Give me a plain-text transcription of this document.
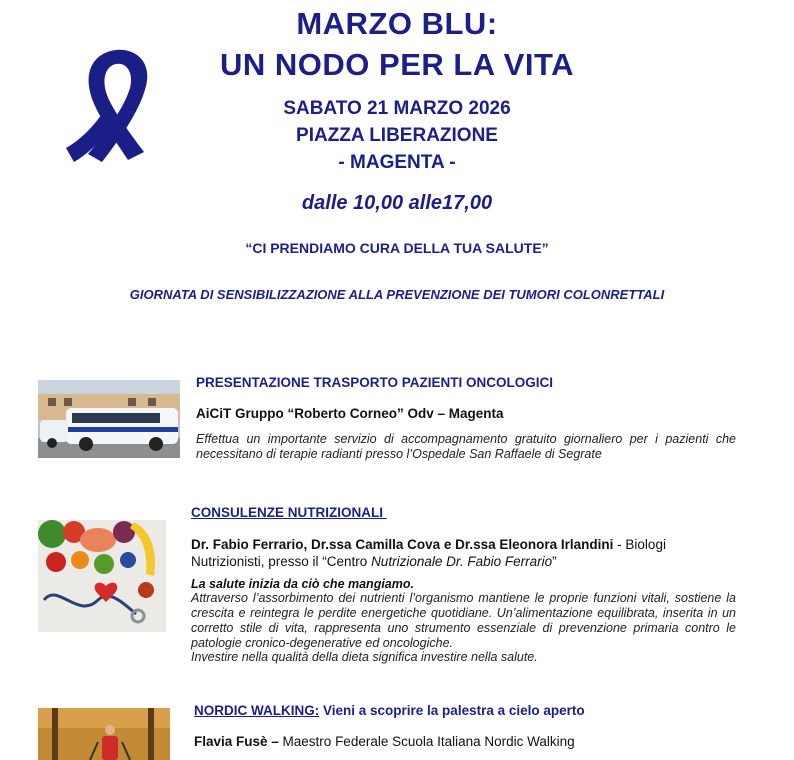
MARZO BLU:
UN NODO PER LA VITA
SABATO 21 MARZO 2026
PIAZZA LIBERAZIONE
- MAGENTA -
dalle 10,00 alle17,00
“CI PRENDIAMO CURA DELLA TUA SALUTE”
GIORNATA DI SENSIBILIZZAZIONE ALLA PREVENZIONE DEI TUMORI COLONRETTALI
PRESENTAZIONE TRASPORTO PAZIENTI ONCOLOGICI
AiCiT Gruppo “Roberto Corneo” Odv – Magenta
Effettua un importante servizio di accompagnamento gratuito giornaliero per i pazienti che necessitano di terapie radianti presso l’Ospedale San Raffaele di Segrate
CONSULENZE NUTRIZIONALI
Dr. Fabio Ferrario, Dr.ssa Camilla Cova e Dr.ssa Eleonora Irlandini - Biologi Nutrizionisti, presso il “Centro Nutrizionale Dr. Fabio Ferrario”
La salute inizia da ciò che mangiamo.
Attraverso l’assorbimento dei nutrienti l’organismo mantiene le proprie funzioni vitali, sostiene la crescita e reintegra le perdite energetiche quotidiane. Un’alimentazione equilibrata, inserita in un corretto stile di vita, rappresenta uno strumento essenziale di prevenzione primaria contro le patologie cronico-degenerative ed oncologiche.
Investire nella qualità della dieta significa investire nella salute.
NORDIC WALKING: Vieni a scoprire la palestra a cielo aperto
Flavia Fusè – Maestro Federale Scuola Italiana Nordic Walking
